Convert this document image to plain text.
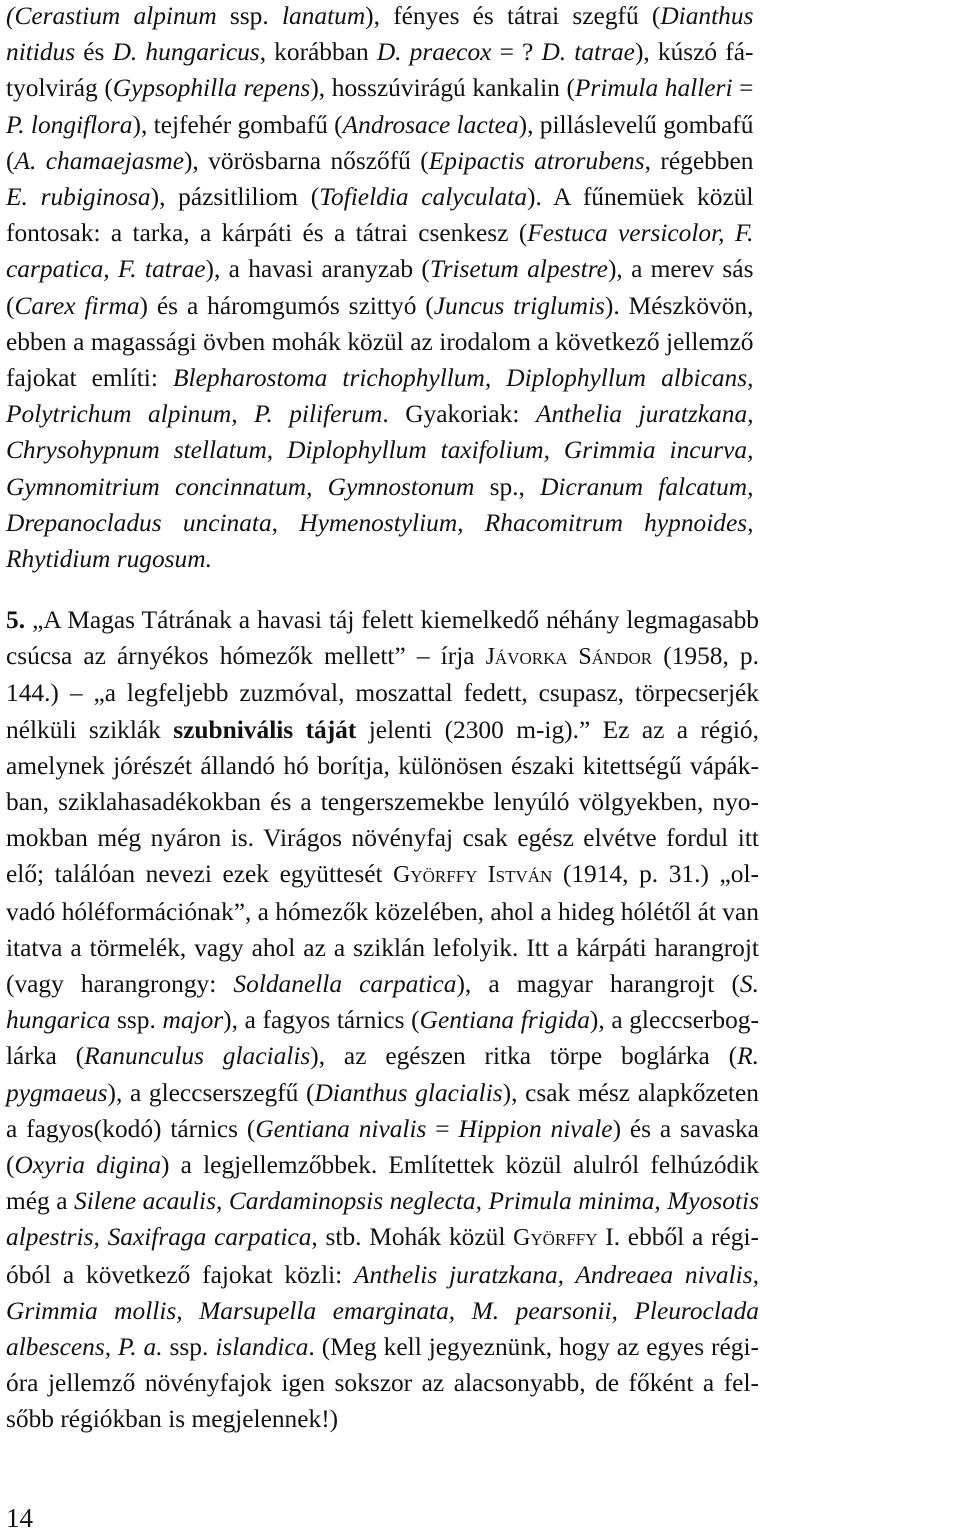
(Cerastium alpinum ssp. lanatum), fényes és tátrai szegfű (Dianthus
nitidus és D. hungaricus, korábban D. praecox = ? D. tatrae), kúszó fá-
tyolvirág (Gypsophilla repens), hosszúvirágú kankalin (Primula halleri =
P. longiflora), tejfehér gombafű (Androsace lactea), pilláslevelű gombafű
(A. chamaejasme), vörösbarna nőszőfű (Epipactis atrorubens, régebben
E. rubiginosa), pázsitliliom (Tofieldia calyculata). A fűnemüek közül
fontosak: a tarka, a kárpáti és a tátrai csenkesz (Festuca versicolor, F.
carpatica, F. tatrae), a havasi aranyzab (Trisetum alpestre), a merev sás
(Carex firma) és a háromgumós szittyó (Juncus triglumis). Mészkövön,
ebben a magassági övben mohák közül az irodalom a következő jellemző
fajokat említi: Blepharostoma trichophyllum, Diplophyllum albicans,
Polytrichum alpinum, P. piliferum. Gyakoriak: Anthelia juratzkana,
Chrysohypnum stellatum, Diplophyllum taxifolium, Grimmia incurva,
Gymnomitrium concinnatum, Gymnostonum sp., Dicranum falcatum,
Drepanocladus uncinata, Hymenostylium, Rhacomitrum hypnoides,
Rhytidium rugosum.

5. „A Magas Tátrának a havasi táj felett kiemelkedő néhány legmagasabb
csúcsa az árnyékos hómezők mellett” – írja Jávorka Sándor (1958, p.
144.) – „a legfeljebb zuzmóval, moszattal fedett, csupasz, törpecserjék
nélküli sziklák szubnivális táját jelenti (2300 m-ig).” Ez az a régió,
amelynek jórészét állandó hó borítja, különösen északi kitettségű vápák-
ban, sziklahasadékokban és a tengerszemekbe lenyúló völgyekben, nyo-
mokban még nyáron is. Virágos növényfaj csak egész elvétve fordul itt
elő; találóan nevezi ezek együttesét Györffy István (1914, p. 31.) „ol-
vadó hóléformációnak”, a hómezők közelében, ahol a hideg hólétől át van
itatva a törmelék, vagy ahol az a sziklán lefolyik. Itt a kárpáti harangrojt
(vagy harangrongy: Soldanella carpatica), a magyar harangrojt (S.
hungarica ssp. major), a fagyos tárnics (Gentiana frigida), a gleccserbog-
lárka (Ranunculus glacialis), az egészen ritka törpe boglárka (R.
pygmaeus), a gleccserszegfű (Dianthus glacialis), csak mész alapkőzeten
a fagyos(kodó) tárnics (Gentiana nivalis = Hippion nivale) és a savaska
(Oxyria digina) a legjellemzőbbek. Említettek közül alulról felhúzódik
még a Silene acaulis, Cardaminopsis neglecta, Primula minima, Myosotis
alpestris, Saxifraga carpatica, stb. Mohák közül Györffy I. ebből a régi-
óból a következő fajokat közli: Anthelis juratzkana, Andreaea nivalis,
Grimmia mollis, Marsupella emarginata, M. pearsonii, Pleuroclada
albescens, P. a. ssp. islandica. (Meg kell jegyeznünk, hogy az egyes régi-
óra jellemző növényfajok igen sokszor az alacsonyabb, de főként a fel-
sőbb régiókban is megjelennek!)

14
